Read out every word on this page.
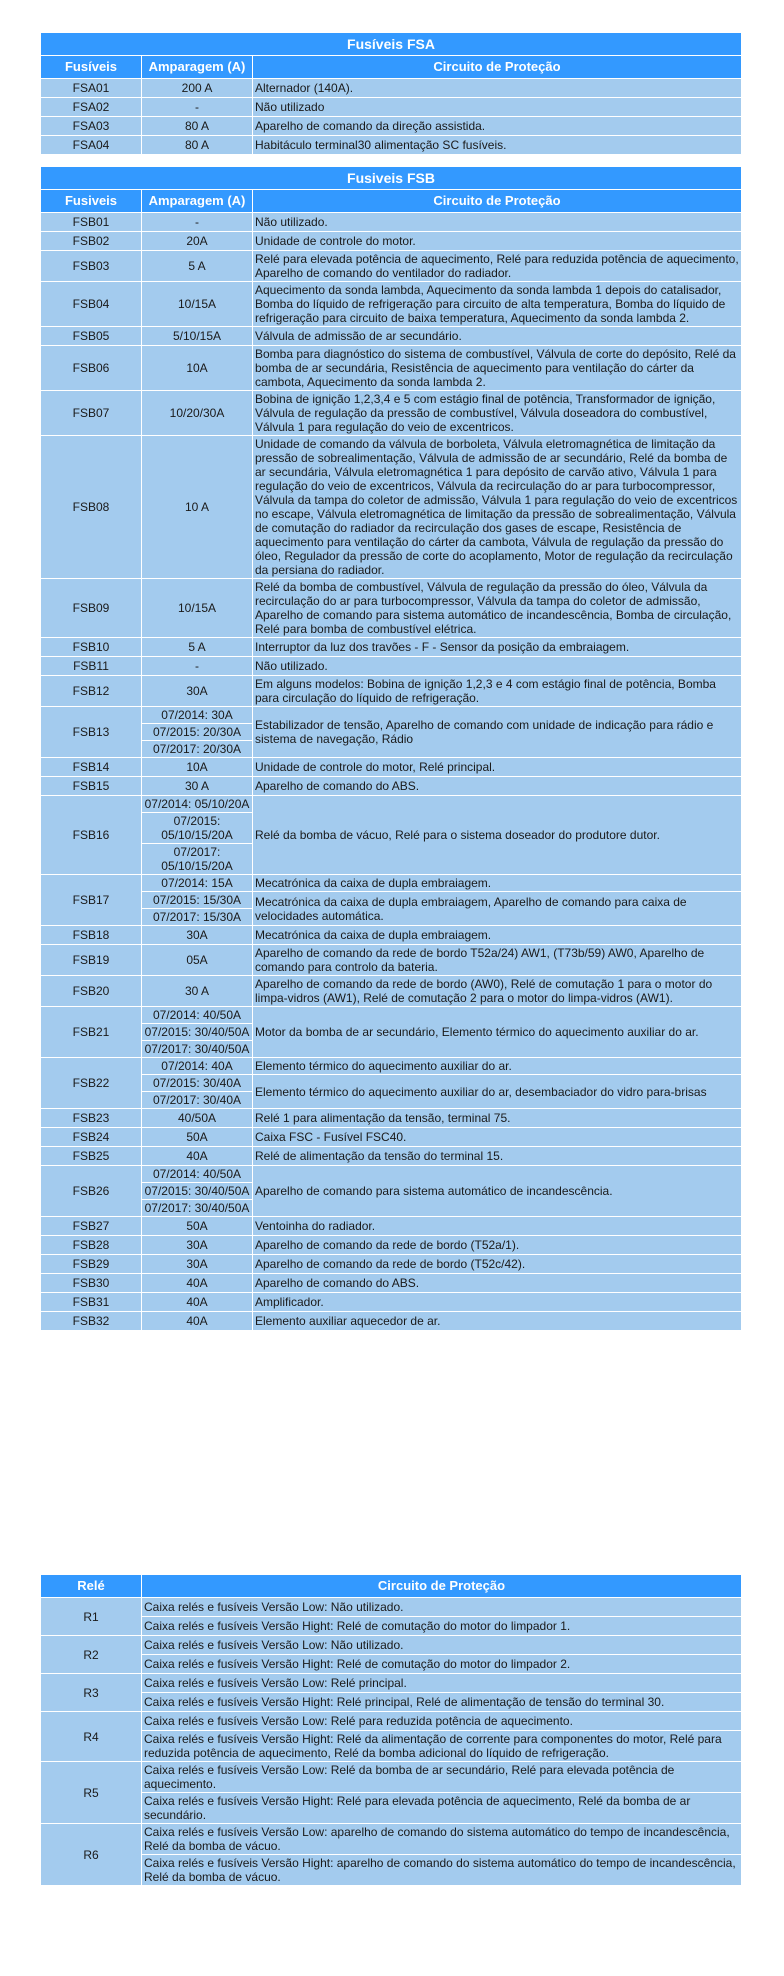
Fusíveis FSA		
Fusíveis	Amparagem (A)	Circuito de Proteção
FSA01	200 A	Alternador (140A).
FSA02	-	Não utilizado
FSA03	80 A	Aparelho de comando da direção assistida.
FSA04	80 A	Habitáculo terminal30 alimentação SC fusíveis.
Fusiveis FSB		
Fusiveis	Amparagem (A)	Circuito de Proteção
FSB01	-	Não utilizado.
FSB02	20A	Unidade de controle do motor.
FSB03	5 A	Relé para elevada potência de aquecimento, Relé para reduzida potência de aquecimento, Aparelho de comando do ventilador do radiador.
FSB04	10/15A	Aquecimento da sonda lambda, Aquecimento da sonda lambda 1 depois do catalisador, Bomba do líquido de refrigeração para circuito de alta temperatura, Bomba do líquido de refrigeração para circuito de baixa temperatura, Aquecimento da sonda lambda 2.
FSB05	5/10/15A	Válvula de admissão de ar secundário.
FSB06	10A	Bomba para diagnóstico do sistema de combustível, Válvula de corte do depósito, Relé da bomba de ar secundária, Resistência de aquecimento para ventilação do cárter da cambota, Aquecimento da sonda lambda 2.
FSB07	10/20/30A	Bobina de ignição 1,2,3,4 e 5 com estágio final de potência, Transformador de ignição, Válvula de regulação da pressão de combustível, Válvula doseadora do combustível, Válvula 1 para regulação do veio de excentricos.
FSB08	10 A	Unidade de comando da válvula de borboleta, Válvula eletromagnética de limitação da pressão de sobrealimentação, Válvula de admissão de ar secundário, Relé da bomba de ar secundária, Válvula eletromagnética 1 para depósito de carvão ativo, Válvula 1 para regulação do veio de excentricos, Válvula da recirculação do ar para turbocompressor, Válvula da tampa do coletor de admissão, Válvula 1 para regulação do veio de excentricos no escape, Válvula eletromagnética de limitação da pressão de sobrealimentação, Válvula de comutação do radiador da recirculação dos gases de escape, Resistência de aquecimento para ventilação do cárter da cambota, Válvula de regulação da pressão do óleo, Regulador da pressão de corte do acoplamento, Motor de regulação da recirculação da persiana do radiador.
FSB09	10/15A	Relé da bomba de combustível, Válvula de regulação da pressão do óleo, Válvula da recirculação do ar para turbocompressor, Válvula da tampa do coletor de admissão, Aparelho de comando para sistema automático de incandescência, Bomba de circulação, Relé para bomba de combustível elétrica.
FSB10	5 A	Interruptor da luz dos travões - F - Sensor da posição da embraiagem.
FSB11	-	Não utilizado.
FSB12	30A	Em alguns modelos: Bobina de ignição 1,2,3 e 4 com estágio final de potência, Bomba para circulação do líquido de refrigeração.
FSB13	07/2014: 30A	Estabilizador de tensão, Aparelho de comando com unidade de indicação para rádio e sistema de navegação, Rádio
	07/2015: 20/30A	
	07/2017: 20/30A	
FSB14	10A	Unidade de controle do motor, Relé principal.
FSB15	30 A	Aparelho de comando do ABS.
FSB16	07/2014: 05/10/20A	Relé da bomba de vácuo, Relé para o sistema doseador do produtore dutor.
	07/2015: 05/10/15/20A	
	07/2017: 05/10/15/20A	
FSB17	07/2014: 15A	Mecatrónica da caixa de dupla embraiagem.
	07/2015: 15/30A	Mecatrónica da caixa de dupla embraiagem, Aparelho de comando para caixa de velocidades automática.
	07/2017: 15/30A	
FSB18	30A	Mecatrónica da caixa de dupla embraiagem.
FSB19	05A	Aparelho de comando da rede de bordo T52a/24) AW1, (T73b/59) AW0, Aparelho de comando para controlo da bateria.
FSB20	30 A	Aparelho de comando da rede de bordo (AW0), Relé de comutação 1 para o motor do limpa-vidros (AW1), Relé de comutação 2 para o motor do limpa-vidros (AW1).
FSB21	07/2014: 40/50A	Motor da bomba de ar secundário, Elemento térmico do aquecimento auxiliar do ar.
	07/2015: 30/40/50A	
	07/2017: 30/40/50A	
FSB22	07/2014: 40A	Elemento térmico do aquecimento auxiliar do ar.
	07/2015: 30/40A	Elemento térmico do aquecimento auxiliar do ar, desembaciador do vidro para-brisas
	07/2017: 30/40A	
FSB23	40/50A	Relé 1 para alimentação da tensão, terminal 75.
FSB24	50A	Caixa FSC - Fusível FSC40.
FSB25	40A	Relé de alimentação da tensão do terminal 15.
FSB26	07/2014: 40/50A	Aparelho de comando para sistema automático de incandescência.
	07/2015: 30/40/50A	
	07/2017: 30/40/50A	
FSB27	50A	Ventoinha do radiador.
FSB28	30A	Aparelho de comando da rede de bordo (T52a/1).
FSB29	30A	Aparelho de comando da rede de bordo (T52c/42).
FSB30	40A	Aparelho de comando do ABS.
FSB31	40A	Amplificador.
FSB32	40A	Elemento auxiliar aquecedor de ar.
Relé	Circuito de Proteção
R1	Caixa relés e fusíveis Versão Low: Não utilizado.
	Caixa relés e fusíveis Versão Hight: Relé de comutação do motor do limpador 1.
R2	Caixa relés e fusíveis Versão Low: Não utilizado.
	Caixa relés e fusíveis Versão Hight: Relé de comutação do motor do limpador 2.
R3	Caixa relés e fusíveis Versão Low: Relé principal.
	Caixa relés e fusíveis Versão Hight: Relé principal, Relé de alimentação de tensão do terminal 30.
R4	Caixa relés e fusíveis Versão Low: Relé para reduzida potência de aquecimento.
	Caixa relés e fusíveis Versão Hight: Relé da alimentação de corrente para componentes do motor, Relé para reduzida potência de aquecimento, Relé da bomba adicional do líquido de refrigeração.
R5	Caixa relés e fusíveis Versão Low: Relé da bomba de ar secundário, Relé para elevada potência de aquecimento.
	Caixa relés e fusíveis Versão Hight: Relé para elevada potência de aquecimento, Relé da bomba de ar secundário.
R6	Caixa relés e fusíveis Versão Low: aparelho de comando do sistema automático do tempo de incandescência, Relé da bomba de vácuo.
	Caixa relés e fusíveis Versão Hight: aparelho de comando do sistema automático do tempo de incandescência, Relé da bomba de vácuo.
